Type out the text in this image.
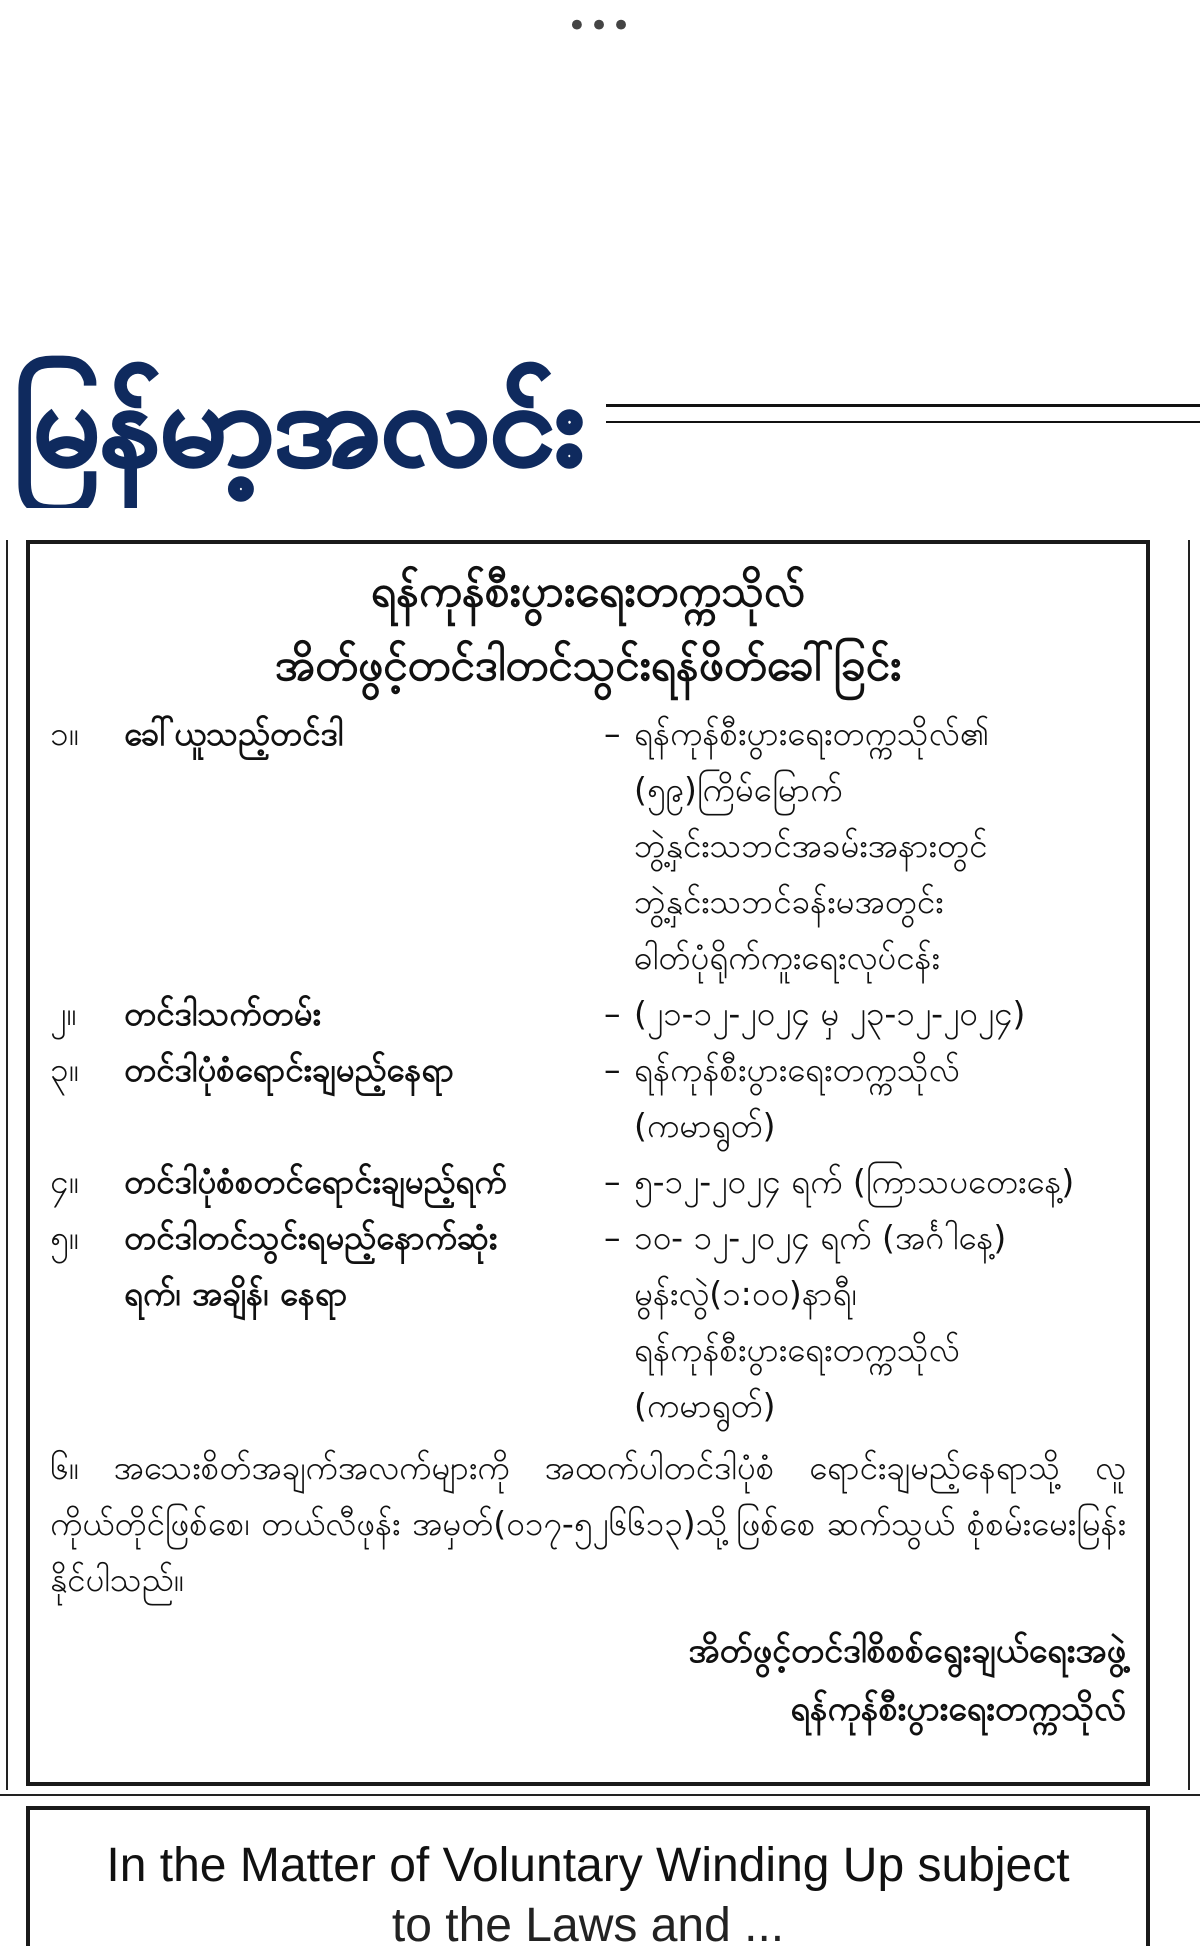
•••
မြန်မာ့အလင်း

ရန်ကုန်စီးပွားရေးတက္ကသိုလ်

အိတ်ဖွင့်တင်ဒါတင်သွင်းရန်ဖိတ်ခေါ်ခြင်း

၁။	ခေါ်ယူသည့်တင်ဒါ	– ရန်ကုန်စီးပွားရေးတက္ကသိုလ်၏
(၅၉)ကြိမ်မြောက်
ဘွဲ့နှင်းသဘင်အခမ်းအနားတွင်
ဘွဲ့နှင်းသဘင်ခန်းမအတွင်း
ဓါတ်ပုံရိုက်ကူးရေးလုပ်ငန်း
၂။	တင်ဒါသက်တမ်း	– (၂၁-၁၂-၂၀၂၄ မှ ၂၃-၁၂-၂၀၂၄)
၃။	တင်ဒါပုံစံရောင်းချမည့်နေရာ	– ရန်ကုန်စီးပွားရေးတက္ကသိုလ်
(ကမာရွတ်)
၄။	တင်ဒါပုံစံစတင်ရောင်းချမည့်ရက်	– ၅-၁၂-၂၀၂၄ ရက် (ကြာသပတေးနေ့)
၅။	တင်ဒါတင်သွင်းရမည့်နောက်ဆုံး
ရက်၊ အချိန်၊ နေရာ
– ၁၀- ၁၂-၂၀၂၄ ရက် (အင်္ဂါနေ့)
မွန်းလွဲ(၁:၀၀)နာရီ၊
ရန်ကုန်စီးပွားရေးတက္ကသိုလ်
(ကမာရွတ်)
၆။ အသေးစိတ်အချက်အလက်များကို အထက်ပါတင်ဒါပုံစံ ရောင်းချမည့်နေရာသို့ လူကိုယ်တိုင်ဖြစ်စေ၊ တယ်လီဖုန်း အမှတ်(၀၁၇-၅၂၆၆၁၃)သို့ဖြစ်စေ ဆက်သွယ် စုံစမ်းမေးမြန်းနိုင်ပါသည်။
အိတ်ဖွင့်တင်ဒါစိစစ်ရွေးချယ်ရေးအဖွဲ့
ရန်ကုန်စီးပွားရေးတက္ကသိုလ်
In the Matter of Voluntary Winding Up subject
to the Laws and ...
